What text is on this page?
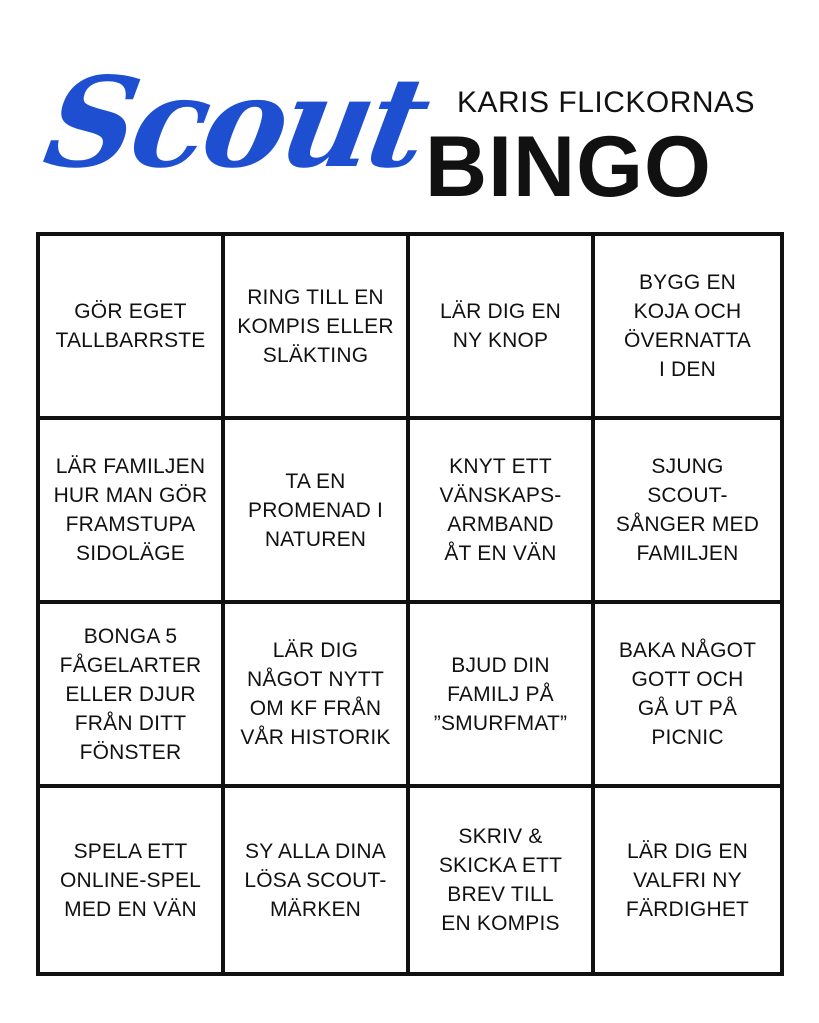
Scout KARIS FLICKORNAS
BINGO
GÖR EGET
TALLBARRSTE
RING TILL EN
KOMPIS ELLER
SLÄKTING
LÄR DIG EN
NY KNOP
BYGG EN
KOJA OCH
ÖVERNATTA
I DEN
LÄR FAMILJEN
HUR MAN GÖR
FRAMSTUPA
SIDOLÄGE
TA EN
PROMENAD I
NATUREN
KNYT ETT
VÄNSKAPS-
ARMBAND
ÅT EN VÄN
SJUNG
SCOUT-
SÅNGER MED
FAMILJEN
BONGA 5
FÅGELARTER
ELLER DJUR
FRÅN DITT
FÖNSTER
LÄR DIG
NÅGOT NYTT
OM KF FRÅN
VÅR HISTORIK
BJUD DIN
FAMILJ PÅ
”SMURFMAT”
BAKA NÅGOT
GOTT OCH
GÅ UT PÅ
PICNIC
SPELA ETT
ONLINE-SPEL
MED EN VÄN
SY ALLA DINA
LÖSA SCOUT-
MÄRKEN
SKRIV &
SKICKA ETT
BREV TILL
EN KOMPIS
LÄR DIG EN
VALFRI NY
FÄRDIGHET
